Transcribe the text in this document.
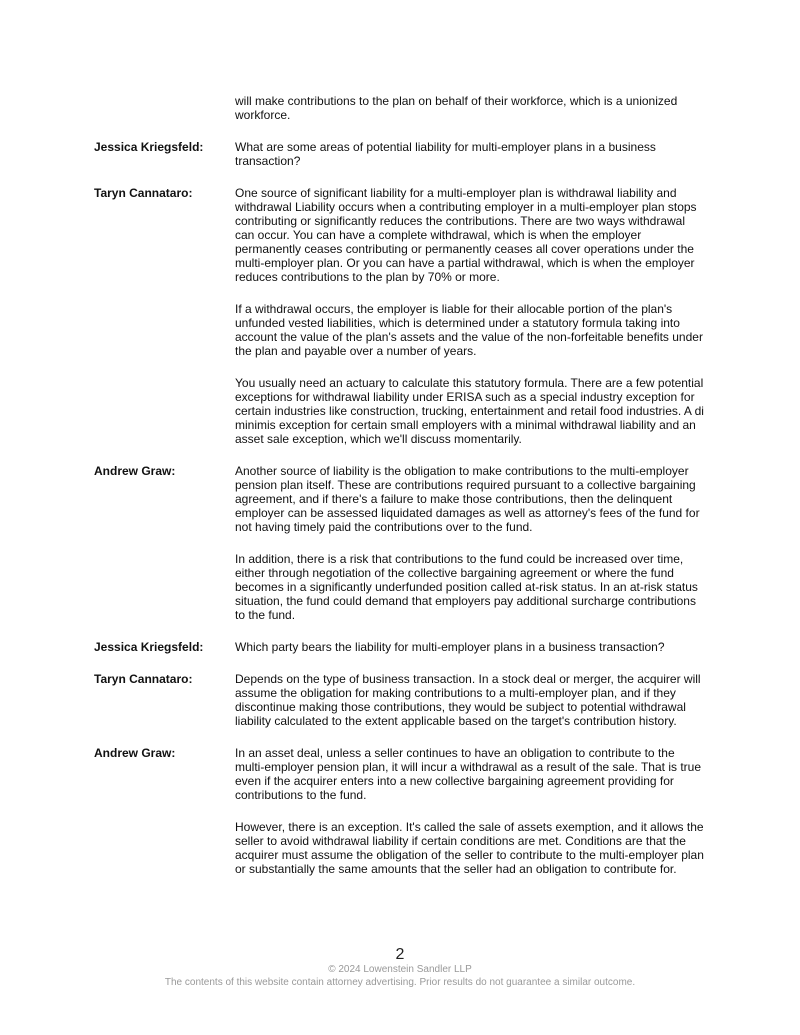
will make contributions to the plan on behalf of their workforce, which is a unionized workforce.

Jessica Kriegsfeld:	What are some areas of potential liability for multi-employer plans in a business transaction?

Taryn Cannataro:	One source of significant liability for a multi-employer plan is withdrawal liability and withdrawal Liability occurs when a contributing employer in a multi-employer plan stops contributing or significantly reduces the contributions. There are two ways withdrawal can occur. You can have a complete withdrawal, which is when the employer permanently ceases contributing or permanently ceases all cover operations under the multi-employer plan. Or you can have a partial withdrawal, which is when the employer reduces contributions to the plan by 70% or more.

If a withdrawal occurs, the employer is liable for their allocable portion of the plan's unfunded vested liabilities, which is determined under a statutory formula taking into account the value of the plan's assets and the value of the non-forfeitable benefits under the plan and payable over a number of years.

You usually need an actuary to calculate this statutory formula. There are a few potential exceptions for withdrawal liability under ERISA such as a special industry exception for certain industries like construction, trucking, entertainment and retail food industries. A di minimis exception for certain small employers with a minimal withdrawal liability and an asset sale exception, which we'll discuss momentarily.

Andrew Graw:	Another source of liability is the obligation to make contributions to the multi-employer pension plan itself. These are contributions required pursuant to a collective bargaining agreement, and if there's a failure to make those contributions, then the delinquent employer can be assessed liquidated damages as well as attorney's fees of the fund for not having timely paid the contributions over to the fund.

In addition, there is a risk that contributions to the fund could be increased over time, either through negotiation of the collective bargaining agreement or where the fund becomes in a significantly underfunded position called at-risk status. In an at-risk status situation, the fund could demand that employers pay additional surcharge contributions to the fund.

Jessica Kriegsfeld:	Which party bears the liability for multi-employer plans in a business transaction?

Taryn Cannataro:	Depends on the type of business transaction. In a stock deal or merger, the acquirer will assume the obligation for making contributions to a multi-employer plan, and if they discontinue making those contributions, they would be subject to potential withdrawal liability calculated to the extent applicable based on the target's contribution history.

Andrew Graw:	In an asset deal, unless a seller continues to have an obligation to contribute to the multi-employer pension plan, it will incur a withdrawal as a result of the sale. That is true even if the acquirer enters into a new collective bargaining agreement providing for contributions to the fund.

However, there is an exception. It's called the sale of assets exemption, and it allows the seller to avoid withdrawal liability if certain conditions are met. Conditions are that the acquirer must assume the obligation of the seller to contribute to the multi-employer plan or substantially the same amounts that the seller had an obligation to contribute for.

2
© 2024 Lowenstein Sandler LLP
The contents of this website contain attorney advertising. Prior results do not guarantee a similar outcome.
